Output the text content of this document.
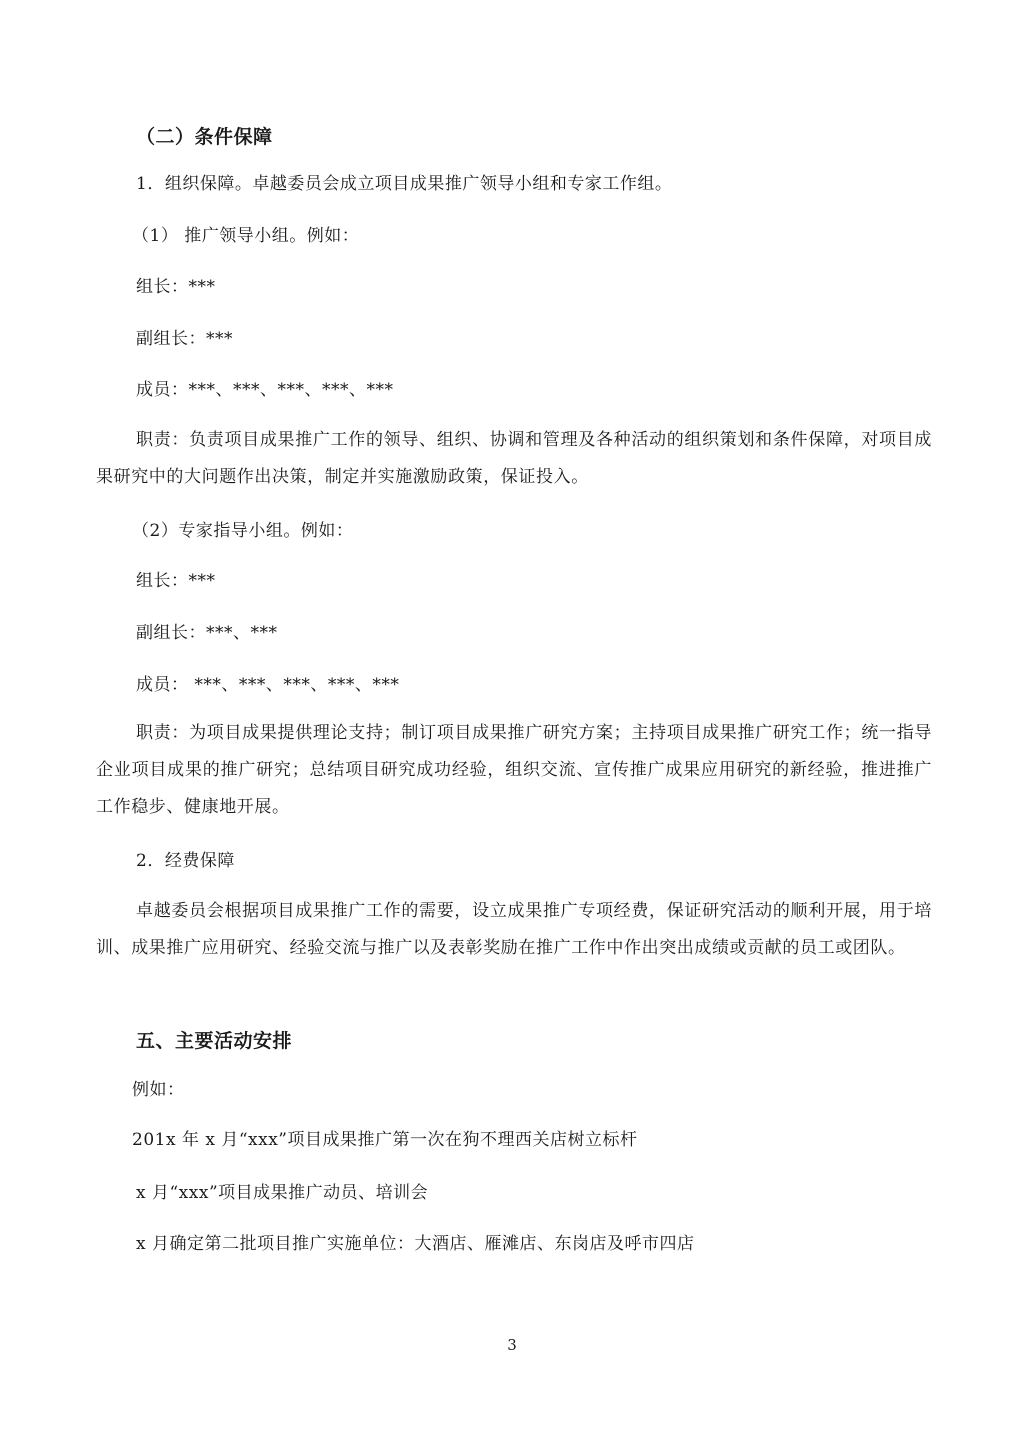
（二）条件保障
1．组织保障。卓越委员会成立项目成果推广领导小组和专家工作组。
（1） 推广领导小组。例如：
组长：***
副组长：***
成员：***、***、***、***、***
职责：负责项目成果推广工作的领导、组织、协调和管理及各种活动的组织策划和条件保障，对项目成果研究中的大问题作出决策，制定并实施激励政策，保证投入。
（2）专家指导小组。例如：
组长：***
副组长：***、***
成员： ***、***、***、***、***
职责：为项目成果提供理论支持；制订项目成果推广研究方案；主持项目成果推广研究工作；统一指导企业项目成果的推广研究；总结项目研究成功经验，组织交流、宣传推广成果应用研究的新经验，推进推广工作稳步、健康地开展。
2．经费保障
卓越委员会根据项目成果推广工作的需要，设立成果推广专项经费，保证研究活动的顺利开展，用于培训、成果推广应用研究、经验交流与推广以及表彰奖励在推广工作中作出突出成绩或贡献的员工或团队。
五、主要活动安排
例如：
201x 年 x 月“xxx”项目成果推广第一次在狗不理西关店树立标杆
x 月“xxx”项目成果推广动员、培训会
x 月确定第二批项目推广实施单位：大酒店、雁滩店、东岗店及呼市四店
3
